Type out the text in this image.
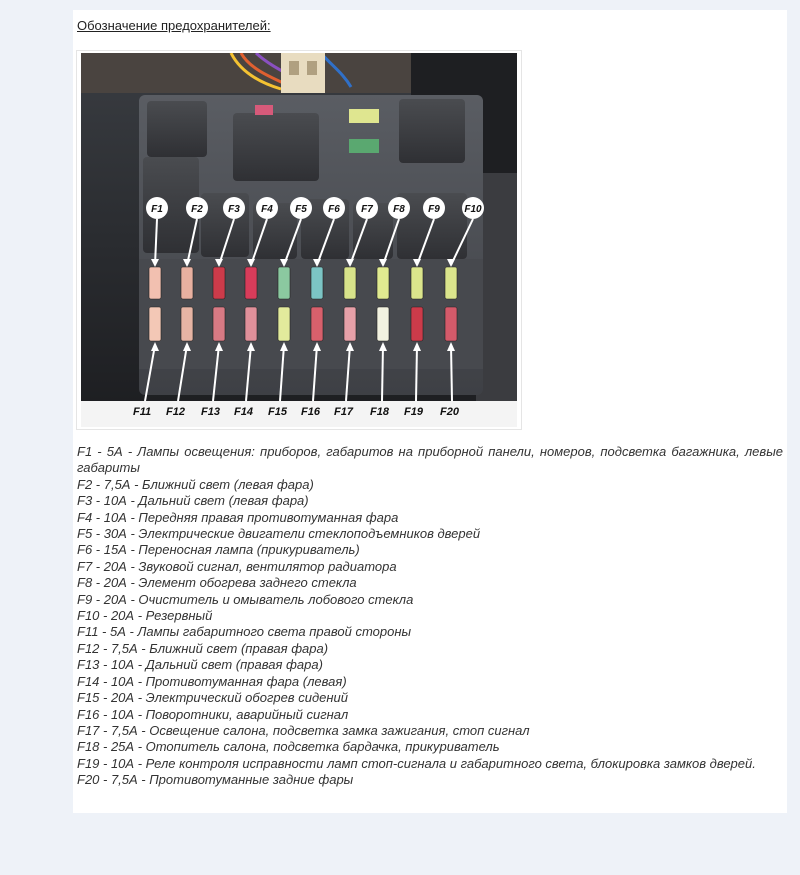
Обозначение предохранителей:
F1	F2	F3 F4 F5 F6 F7 F8 F9 F10
F11 F12 F13 F14 F15 F16 F17 F18 F19 F20

F1 - 5А - Лампы освещения: приборов, габаритов на приборной панели, номеров, подсветка багажника, левые габариты

F2 - 7,5А - Ближний свет (левая фара)

F3 - 10А - Дальний свет (левая фара)

F4 - 10А - Передняя правая противотуманная фара

F5 - 30А - Электрические двигатели стеклоподъемников дверей

F6 - 15А - Переносная лампа (прикуриватель)

F7 - 20А - Звуковой сигнал, вентилятор радиатора

F8 - 20А - Элемент обогрева заднего стекла

F9 - 20А - Очиститель и омыватель лобового стекла

F10 - 20А - Резервный

F11 - 5А - Лампы габаритного света правой стороны

F12 - 7,5А - Ближний свет (правая фара)

F13 - 10А - Дальний свет (правая фара)

F14 - 10А - Противотуманная фара (левая)

F15 - 20А - Электрический обогрев сидений

F16 - 10А - Поворотники, аварийный сигнал

F17 - 7,5А - Освещение салона, подсветка замка зажигания, стоп сигнал

F18 - 25А - Отопитель салона, подсветка бардачка, прикуриватель

F19 - 10А - Реле контроля исправности ламп стоп-сигнала и габаритного света, блокировка замков дверей.

F20 - 7,5А - Противотуманные задние фары
